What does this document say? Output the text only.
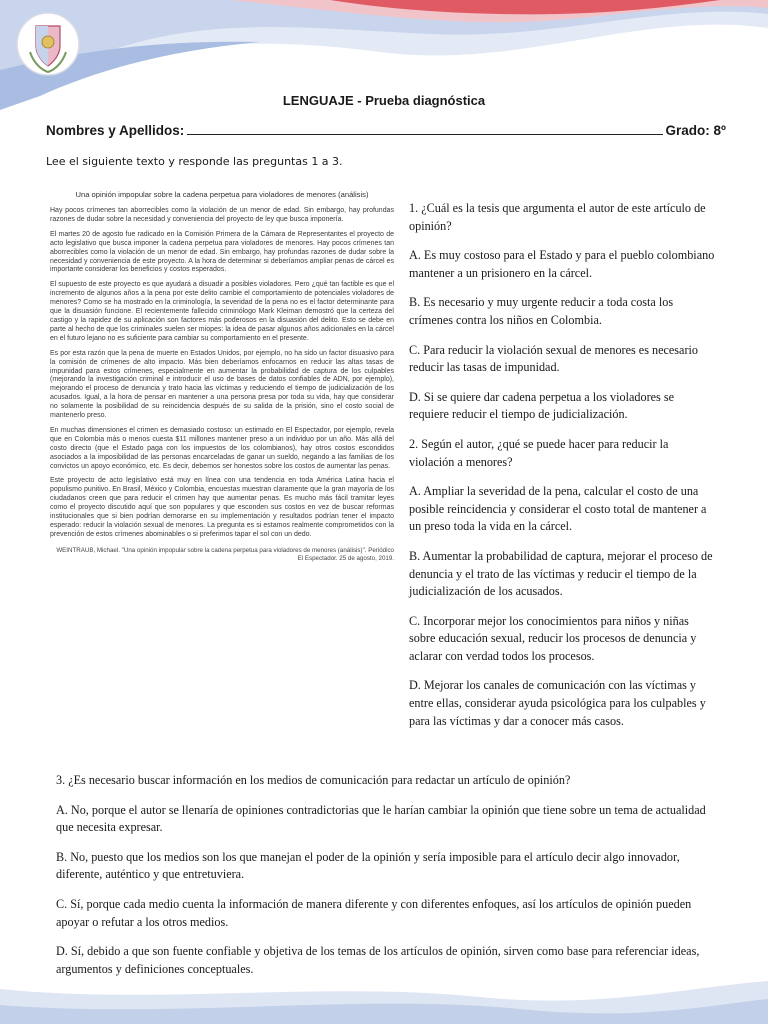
LENGUAJE - Prueba diagnóstica
Nombres y Apellidos:	Grado: 8º
Lee el siguiente texto y responde las preguntas 1 a 3.
Una opinión impopular sobre la cadena perpetua para violadores de menores (análisis)

Hay pocos crímenes tan aborrecibles como la violación de un menor de edad. Sin embargo, hay profundas razones de dudar sobre la necesidad y conveniencia del proyecto de ley que busca imponería.

El martes 20 de agosto fue radicado en la Comisión Primera de la Cámara de Representantes el proyecto de acto legislativo que busca imponer la cadena perpetua para violadores de menores. Hay pocos crímenes tan aborrecibles como la violación de un menor de edad. Sin embargo, hay profundas razones de dudar sobre la necesidad y conveniencia de este proyecto. A la hora de determinar si deberíamos ampliar penas de cárcel es importante considerar los beneficios y costos esperados.

El supuesto de este proyecto es que ayudará a disuadir a posibles violadores. Pero ¿qué tan factible es que el incremento de algunos años a la pena por este delito cambie el comportamiento de potenciales violadores de menores? Como se ha mostrado en la criminología, la severidad de la pena no es el factor determinante para que la disuasión funcione. El recientemente fallecido criminólogo Mark Kleiman demostró que la certeza del castigo y la rapidez de su aplicación son factores más poderosos en la disuasión del delito. Esto se debe en parte al hecho de que los criminales suelen ser miopes: la idea de pasar algunos años adicionales en la cárcel en el futuro lejano no es suficiente para cambiar su comportamiento en el presente.

Es por esta razón que la pena de muerte en Estados Unidos, por ejemplo, no ha sido un factor disuasivo para la comisión de crímenes de alto impacto. Más bien deberíamos enfocarnos en reducir las altas tasas de impunidad para estos crímenes, especialmente en aumentar la probabilidad de captura de los culpables (mejorando la investigación criminal e introducir el uso de bases de datos confiables de ADN, por ejemplo), mejorando el proceso de denuncia y trato hacia las víctimas y reduciendo el tiempo de judicialización de los acusados. Igual, a la hora de pensar en mantener a una persona presa por toda su vida, hay que considerar no solamente la posibilidad de su reincidencia después de su salida de la prisión, sino el costo social de mantenerlo preso.

En muchas dimensiones el crimen es demasiado costoso: un estimado en El Espectador, por ejemplo, revela que en Colombia más o menos cuesta $11 millones mantener preso a un individuo por un año. Más allá del costo directo (que el Estado paga con los impuestos de los colombianos), hay otros costos escondidos asociados a la imposibilidad de las personas encarceladas de ganar un sueldo, negando a las familias de los convictos un apoyo económico, etc. Es decir, debemos ser honestos sobre los costos de aumentar las penas.

Este proyecto de acto legislativo está muy en línea con una tendencia en toda América Latina hacia el populismo punitivo. En Brasil, México y Colombia, encuestas muestran claramente que la gran mayoría de los ciudadanos creen que para reducir el crimen hay que aumentar penas. Es mucho más fácil tramitar leyes como el proyecto discutido aquí que son populares y que esconden sus costos en vez de buscar reformas institucionales que si bien podrían demorarse en su implementación y resultados podrían tener el impacto esperado: reducir la violación sexual de menores. La pregunta es si estamos realmente comprometidos con la prevención de estos crímenes abominables o si preferimos tapar el sol con un dedo.

WEINTRAUB, Michael. "Una opinión impopular sobre la cadena perpetua para violadores de menores (análisis)". Periódico El Espectador. 25 de agosto, 2019.

1. ¿Cuál es la tesis que argumenta el autor de este artículo de opinión?

A. Es muy costoso para el Estado y para el pueblo colombiano mantener a un prisionero en la cárcel.

B. Es necesario y muy urgente reducir a toda costa los crímenes contra los niños en Colombia.

C. Para reducir la violación sexual de menores es necesario reducir las tasas de impunidad.

D. Si se quiere dar cadena perpetua a los violadores se requiere reducir el tiempo de judicialización.

2. Según el autor, ¿qué se puede hacer para reducir la violación a menores?

A. Ampliar la severidad de la pena, calcular el costo de una posible reincidencia y considerar el costo total de mantener a un preso toda la vida en la cárcel.

B. Aumentar la probabilidad de captura, mejorar el proceso de denuncia y el trato de las víctimas y reducir el tiempo de la judicialización de los acusados.

C. Incorporar mejor los conocimientos para niños y niñas sobre educación sexual, reducir los procesos de denuncia y aclarar con verdad todos los procesos.

D. Mejorar los canales de comunicación con las víctimas y entre ellas, considerar ayuda psicológica para los culpables y para las víctimas y dar a conocer más casos.

3. ¿Es necesario buscar información en los medios de comunicación para redactar un artículo de opinión?

A. No, porque el autor se llenaría de opiniones contradictorias que le harían cambiar la opinión que tiene sobre un tema de actualidad que necesita expresar.

B. No, puesto que los medios son los que manejan el poder de la opinión y sería imposible para el artículo decir algo innovador, diferente, auténtico y que entretuviera.

C. Sí, porque cada medio cuenta la información de manera diferente y con diferentes enfoques, así los artículos de opinión pueden apoyar o refutar a los otros medios.

D. Sí, debido a que son fuente confiable y objetiva de los temas de los artículos de opinión, sirven como base para referenciar ideas, argumentos y definiciones conceptuales.
